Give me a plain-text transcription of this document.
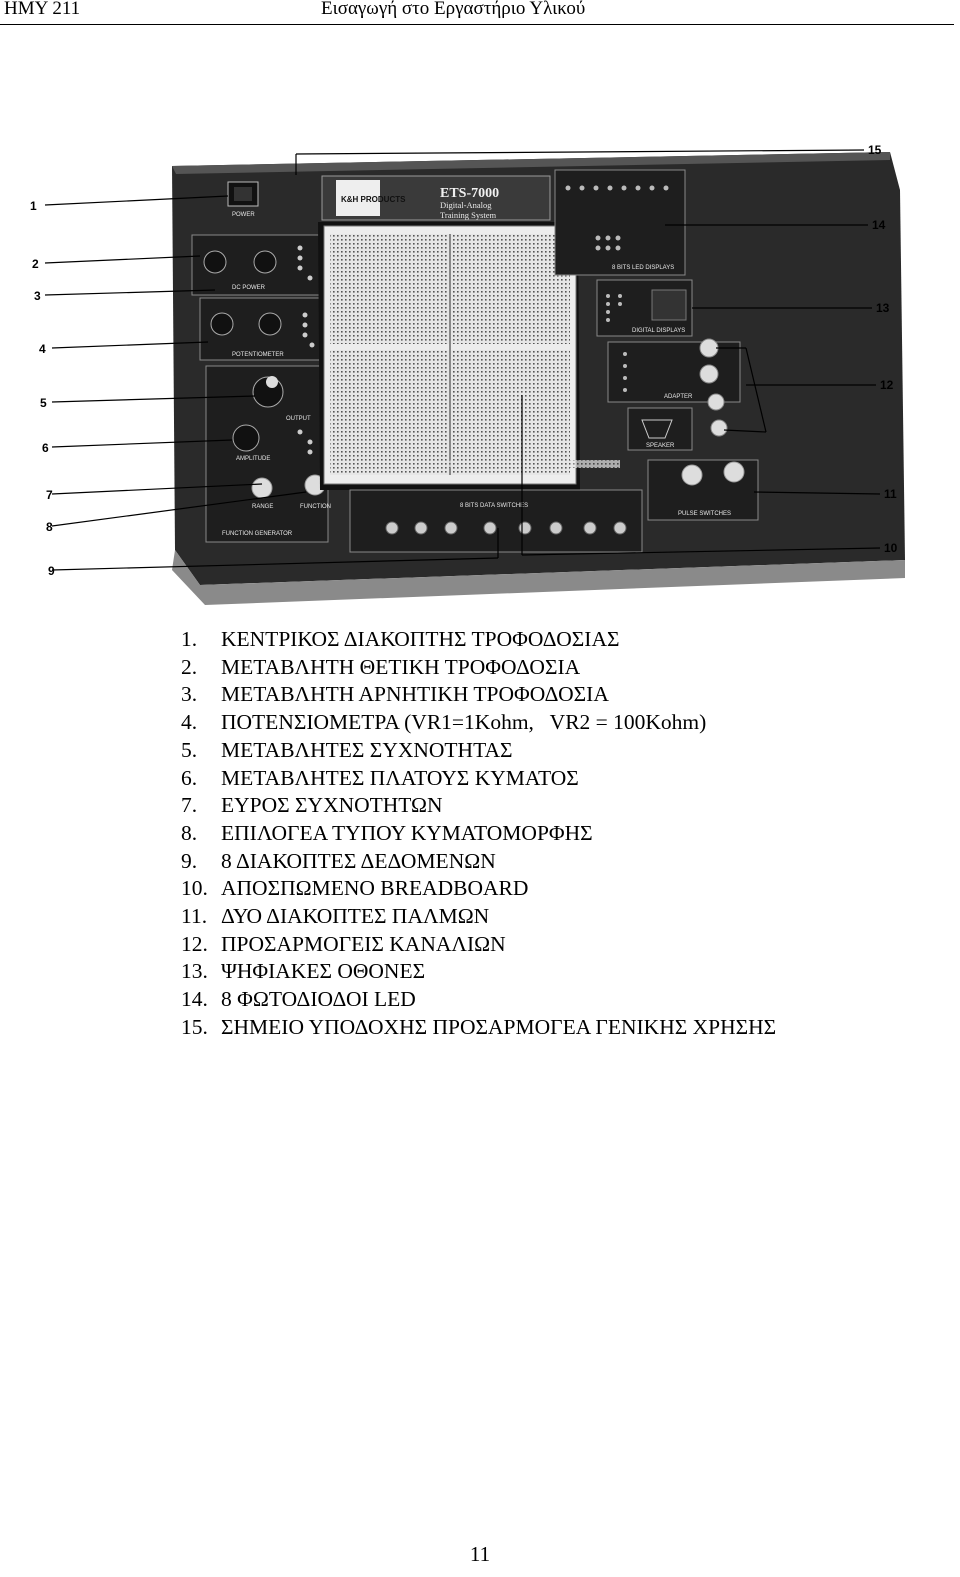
ΗΜΥ 211	Εισαγωγή στο Εργαστήριο Υλικού
POWER
DC POWER
POTENTIOMETER
OUTPUT
AMPLITUDE
RANGE	FUNCTION
FUNCTION GENERATOR
K&H PRODUCTS ETS-7000
Digital-Analog
Training System
8 BITS DATA SWITCHES
8 BITS LED DISPLAYS
DIGITAL DISPLAYS
ADAPTER
SPEAKER
PULSE SWITCHES
1
2
3
4
5
6
7
8
9
10
11
12
13
14
15
1.	ΚΕΝΤΡΙΚΟΣ ΔΙΑΚΟΠΤΗΣ ΤΡΟΦΟΔΟΣΙΑΣ
2.	ΜΕΤΑΒΛΗΤΗ ΘΕΤΙΚΗ ΤΡΟΦΟΔΟΣΙΑ
3.	ΜΕΤΑΒΛΗΤΗ ΑΡΝΗΤΙΚΗ ΤΡΟΦΟΔΟΣΙΑ
4.	ΠΟΤΕΝΣΙΟΜΕΤΡΑ (VR1=1Kohm,   VR2 = 100Kohm)
5.	ΜΕΤΑΒΛΗΤΕΣ ΣΥΧΝΟΤΗΤΑΣ
6.	ΜΕΤΑΒΛΗΤΕΣ ΠΛΑΤΟΥΣ ΚΥΜΑΤΟΣ
7.	ΕΥΡΟΣ ΣΥΧΝΟΤΗΤΩΝ
8.	ΕΠΙΛΟΓΕΑ ΤΥΠΟΥ ΚΥΜΑΤΟΜΟΡΦΗΣ
9.	8 ΔΙΑΚΟΠΤΕΣ ΔΕΔΟΜΕΝΩΝ
10. ΑΠΟΣΠΩΜΕΝΟ BREADBOARD
11. ΔΥΟ ΔΙΑΚΟΠΤΕΣ ΠΑΛΜΩΝ
12. ΠΡΟΣΑΡΜΟΓΕΙΣ ΚΑΝΑΛΙΩΝ
13. ΨΗΦΙΑΚΕΣ ΟΘΟΝΕΣ
14. 8 ΦΩΤΟΔΙΟΔΟΙ LED
15. ΣΗΜΕΙΟ ΥΠΟΔΟΧΗΣ ΠΡΟΣΑΡΜΟΓΕΑ ΓΕΝΙΚΗΣ ΧΡΗΣΗΣ
11
